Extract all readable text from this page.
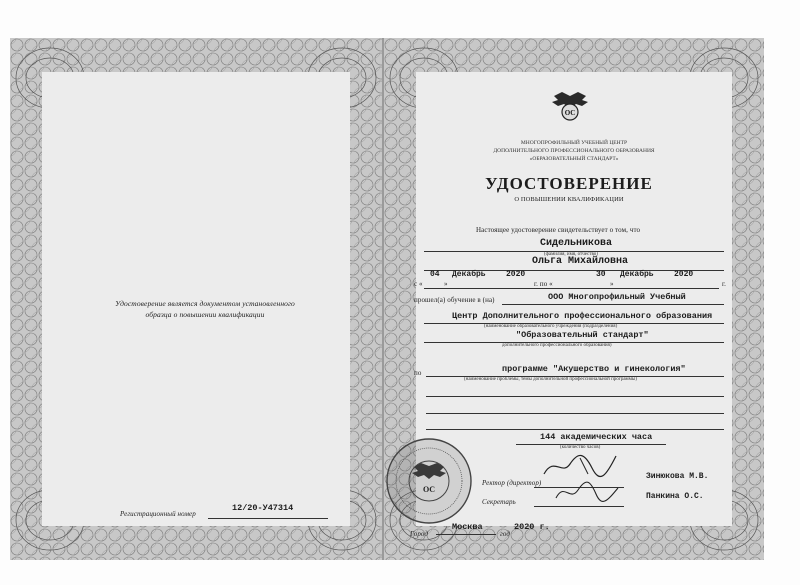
Удостоверение является документом установленного образца о повышении квалификации
Регистрационный номер
12/20-У47314
ОС
МНОГОПРОФИЛЬНЫЙ УЧЕБНЫЙ ЦЕНТР
ДОПОЛНИТЕЛЬНОГО ПРОФЕССИОНАЛЬНОГО ОБРАЗОВАНИЯ
«ОБРАЗОВАТЕЛЬНЫЙ СТАНДАРТ»
УДОСТОВЕРЕНИЕ
О ПОВЫШЕНИИ КВАЛИФИКАЦИИ
Настоящее удостоверение свидетельствует о том, что
Сидельникова
(фамилия, имя, отчество)
Ольга Михайловна
с «
04
»
Декабрь	2020
г. по «
30
»
Декабрь	2020
г.
прошел(а) обучение в (на)	ООО Многопрофильный Учебный
Центр Дополнительного профессионального образования
(наименование образовательного учреждения (подразделения)
"Образовательный стандарт"
дополнительного профессионального образования)
по	программе "Акушерство и гинекология"
(наименование проблемы, темы дополнительной профессиональной программы)
144 академических часа
(количество часов)
ОС
Ректор (директор)
Зинюкова М.В.
Секретарь
Панкина О.С.
Город
Москва
год
2020 г.
